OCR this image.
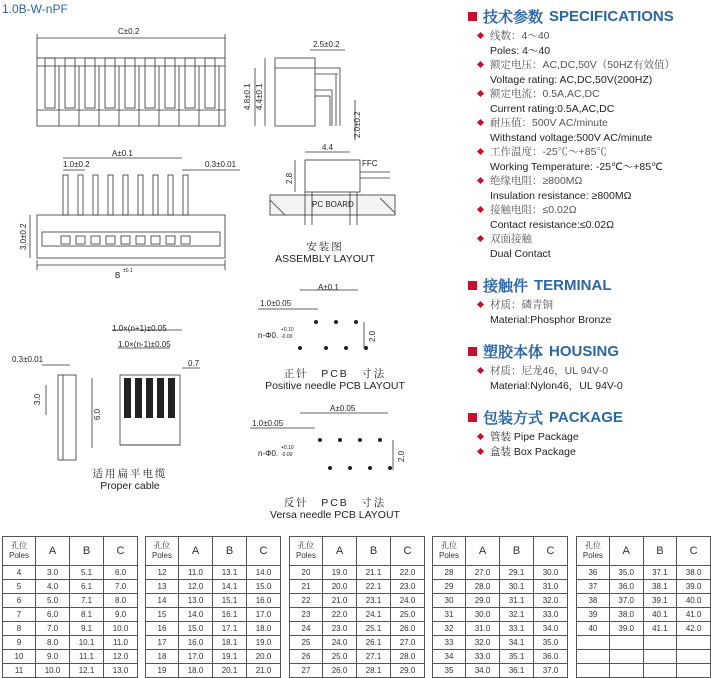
1.0B-W-nPF
C±0.2
2.5±0.2
4.8±0.1 4.4±0.1
2.0±0.2
A±0.1
1.0±0.2	0.3±0.01
3.0±0.2
B ±0.1
4.4
2.8
FFC
PC BOARD
A±0.1
1.0±0.05
n-Φ0.
+0.10
-0.00	2.0
A±0.05
1.0±0.05
n-Φ0.
+0.10
-0.00	2.0
0.3±0.01
3.0
6.0
1.0×(n+1)±0.05
1.0×(n-1)±0.05
0.7
安装图
ASSEMBLY LAYOUT
正针　PCB　寸法
Positive needle PCB LAYOUT
反针　PCB　寸法
Versa needle PCB LAYOUT
适用扁平电缆
Proper cable
技术参数 SPECIFICATIONS
线数：4～40
Poles: 4～40
额定电压：AC,DC,50V（50HZ有效值）
Voltage rating: AC,DC,50V(200HZ)
额定电流：0.5A,AC,DC
Current rating:0.5A,AC,DC
耐压值：500V AC/minute
Withstand voltage:500V AC/minute
工作温度：-25℃～+85℃
Working Temperature: -25℃～+85℃
绝缘电阻：≥800MΩ
Insulation resistance: ≥800MΩ
接触电阻：≤0.02Ω
Contact resistance:≤0.02Ω
双面接触
Dual Contact
接触件 TERMINAL
材质：磷青铜
Material:Phosphor Bronze
塑胶本体 HOUSING
材质：尼龙46，UL 94V-0
Material:Nylon46，UL 94V-0
包装方式 PACKAGE
管装 Pipe Package
盒装 Box Package
孔位
Poles	A	B	C
4	3.0	5.1	6.0
5	4.0	6.1	7.0
6	5.0	7.1	8.0
7	6.0	8.1	9.0
8	7.0	9.1	10.0
9	8.0	10.1	11.0
10	9.0	11.1	12.0
11	10.0	12.1	13.0
孔位
Poles	A	B	C
12	11.0	13.1	14.0
13	12.0	14.1	15.0
14	13.0	15.1	16.0
15	14.0	16.1	17.0
16	15.0	17.1	18.0
17	16.0	18.1	19.0
18	17.0	19.1	20.0
19	18.0	20.1	21.0
孔位
Poles	A	B	C
20	19.0	21.1	22.0
21	20.0	22.1	23.0
22	21.0	23.1	24.0
23	22.0	24.1	25.0
24	23.0	25.1	26.0
25	24.0	26.1	27.0
26	25.0	27.1	28.0
27	26.0	28.1	29.0
孔位
Poles	A	B	C
28	27.0	29.1	30.0
29	28.0	30.1	31.0
30	29.0	31.1	32.0
31	30.0	32.1	33.0
32	31.0	33.1	34.0
33	32.0	34.1	35.0
34	33.0	35.1	36.0
35	34.0	36.1	37.0
孔位
Poles	A	B	C
36	35.0	37.1	38.0
37	36.0	38.1	39.0
38	37.0	39.1	40.0
39	38.0	40.1	41.0
40	39.0	41.1	42.0
